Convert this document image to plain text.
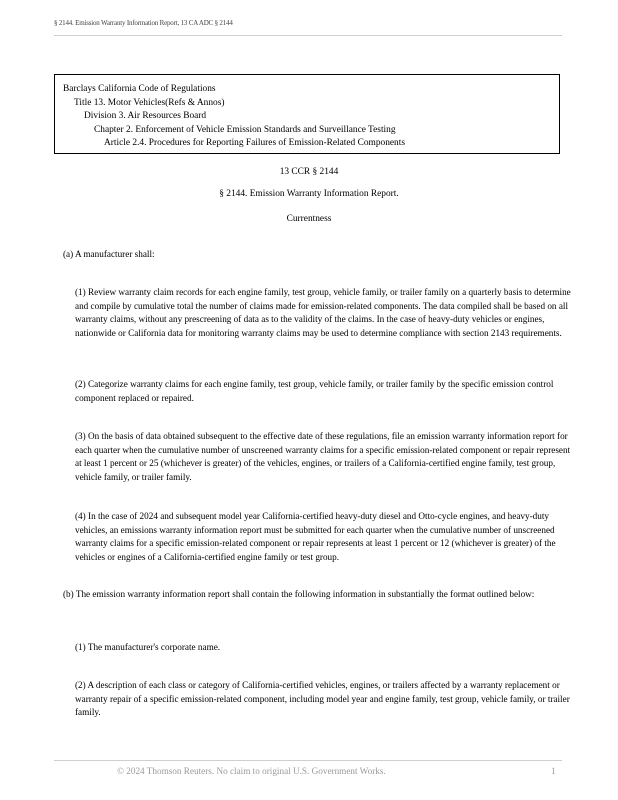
§ 2144. Emission Warranty Information Report, 13 CA ADC § 2144
Barclays California Code of Regulations
Title 13. Motor Vehicles(Refs & Annos)
Division 3. Air Resources Board
Chapter 2. Enforcement of Vehicle Emission Standards and Surveillance Testing
Article 2.4. Procedures for Reporting Failures of Emission-Related Components
13 CCR § 2144
§ 2144. Emission Warranty Information Report.
Currentness
(a) A manufacturer shall:
(1) Review warranty claim records for each engine family, test group, vehicle family, or trailer family on a quarterly basis to determine and compile by cumulative total the number of claims made for emission-related components. The data compiled shall be based on all warranty claims, without any prescreening of data as to the validity of the claims. In the case of heavy-duty vehicles or engines, nationwide or California data for monitoring warranty claims may be used to determine compliance with section 2143 requirements.
(2) Categorize warranty claims for each engine family, test group, vehicle family, or trailer family by the specific emission control component replaced or repaired.
(3) On the basis of data obtained subsequent to the effective date of these regulations, file an emission warranty information report for each quarter when the cumulative number of unscreened warranty claims for a specific emission-related component or repair represent at least 1 percent or 25 (whichever is greater) of the vehicles, engines, or trailers of a California-certified engine family, test group, vehicle family, or trailer family.
(4) In the case of 2024 and subsequent model year California-certified heavy-duty diesel and Otto-cycle engines, and heavy-duty vehicles, an emissions warranty information report must be submitted for each quarter when the cumulative number of unscreened warranty claims for a specific emission-related component or repair represents at least 1 percent or 12 (whichever is greater) of the vehicles or engines of a California-certified engine family or test group.
(b) The emission warranty information report shall contain the following information in substantially the format outlined below:
(1) The manufacturer's corporate name.
(2) A description of each class or category of California-certified vehicles, engines, or trailers affected by a warranty replacement or warranty repair of a specific emission-related component, including model year and engine family, test group, vehicle family, or trailer family.
© 2024 Thomson Reuters. No claim to original U.S. Government Works.	1
